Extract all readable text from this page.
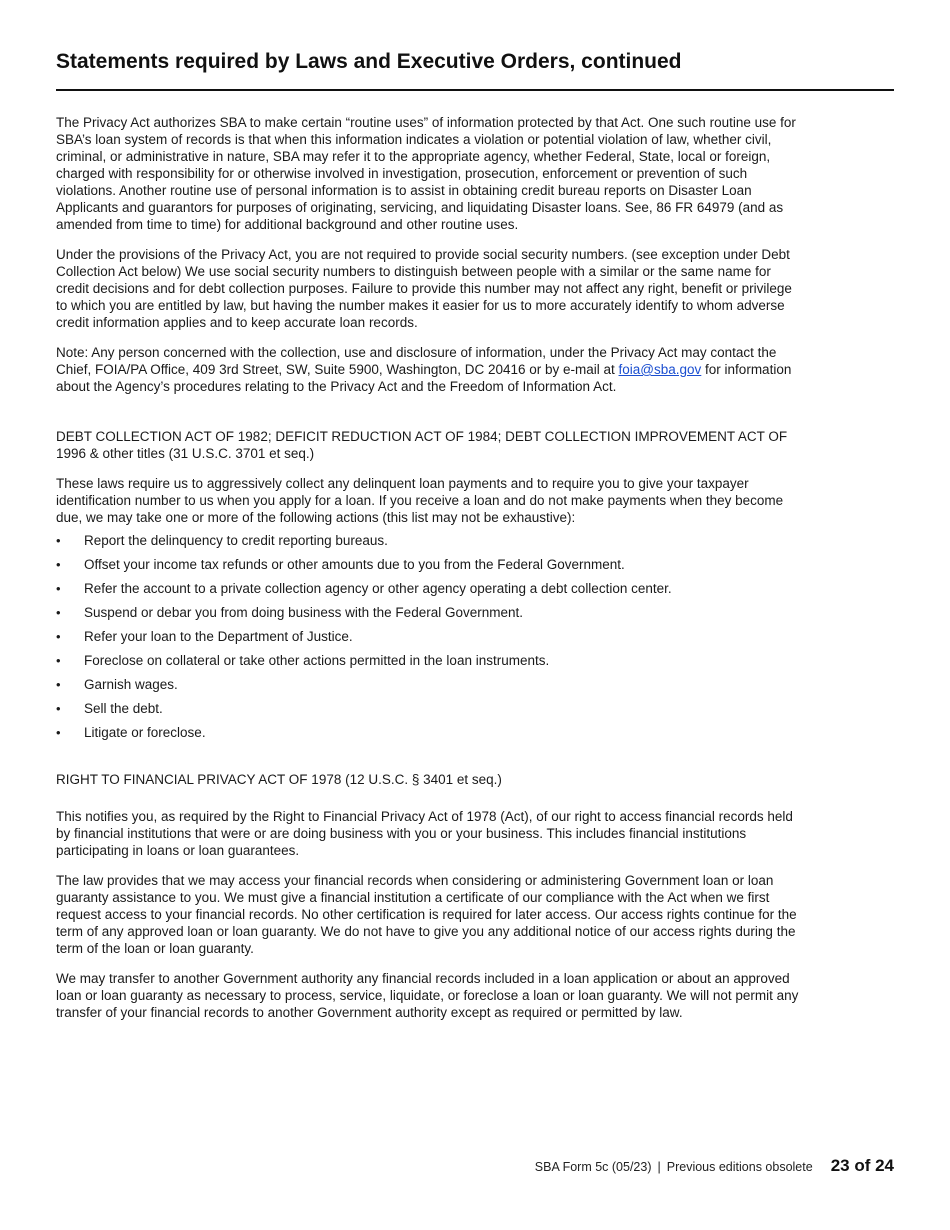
Statements required by Laws and Executive Orders, continued

The Privacy Act authorizes SBA to make certain “routine uses” of information protected by that Act. One such routine use for SBA’s loan system of records is that when this information indicates a violation or potential violation of law, whether civil, criminal, or administrative in nature, SBA may refer it to the appropriate agency, whether Federal, State, local or foreign, charged with responsibility for or otherwise involved in investigation, prosecution, enforcement or prevention of such violations. Another routine use of personal information is to assist in obtaining credit bureau reports on Disaster Loan Applicants and guarantors for purposes of originating, servicing, and liquidating Disaster loans. See, 86 FR 64979 (and as amended from time to time) for additional background and other routine uses.

Under the provisions of the Privacy Act, you are not required to provide social security numbers. (see exception under Debt Collection Act below) We use social security numbers to distinguish between people with a similar or the same name for credit decisions and for debt collection purposes. Failure to provide this number may not affect any right, benefit or privilege to which you are entitled by law, but having the number makes it easier for us to more accurately identify to whom adverse credit information applies and to keep accurate loan records.

Note: Any person concerned with the collection, use and disclosure of information, under the Privacy Act may contact the Chief, FOIA/PA Office, 409 3rd Street, SW, Suite 5900, Washington, DC 20416 or by e-mail at foia@sba.gov for information about the Agency’s procedures relating to the Privacy Act and the Freedom of Information Act.

DEBT COLLECTION ACT OF 1982; DEFICIT REDUCTION ACT OF 1984; DEBT COLLECTION IMPROVEMENT ACT OF 1996 & other titles (31 U.S.C. 3701 et seq.)

These laws require us to aggressively collect any delinquent loan payments and to require you to give your taxpayer identification number to us when you apply for a loan. If you receive a loan and do not make payments when they become due, we may take one or more of the following actions (this list may not be exhaustive):

• Report the delinquency to credit reporting bureaus.
• Offset your income tax refunds or other amounts due to you from the Federal Government.
• Refer the account to a private collection agency or other agency operating a debt collection center.
• Suspend or debar you from doing business with the Federal Government.
• Refer your loan to the Department of Justice.
• Foreclose on collateral or take other actions permitted in the loan instruments.
• Garnish wages.
• Sell the debt.
• Litigate or foreclose.

RIGHT TO FINANCIAL PRIVACY ACT OF 1978 (12 U.S.C. § 3401 et seq.)

This notifies you, as required by the Right to Financial Privacy Act of 1978 (Act), of our right to access financial records held by financial institutions that were or are doing business with you or your business. This includes financial institutions participating in loans or loan guarantees.

The law provides that we may access your financial records when considering or administering Government loan or loan guaranty assistance to you. We must give a financial institution a certificate of our compliance with the Act when we first request access to your financial records. No other certification is required for later access. Our access rights continue for the term of any approved loan or loan guaranty. We do not have to give you any additional notice of our access rights during the term of the loan or loan guaranty.

We may transfer to another Government authority any financial records included in a loan application or about an approved loan or loan guaranty as necessary to process, service, liquidate, or foreclose a loan or loan guaranty. We will not permit any transfer of your financial records to another Government authority except as required or permitted by law.

SBA Form 5c (05/23) | Previous editions obsolete 23 of 24
